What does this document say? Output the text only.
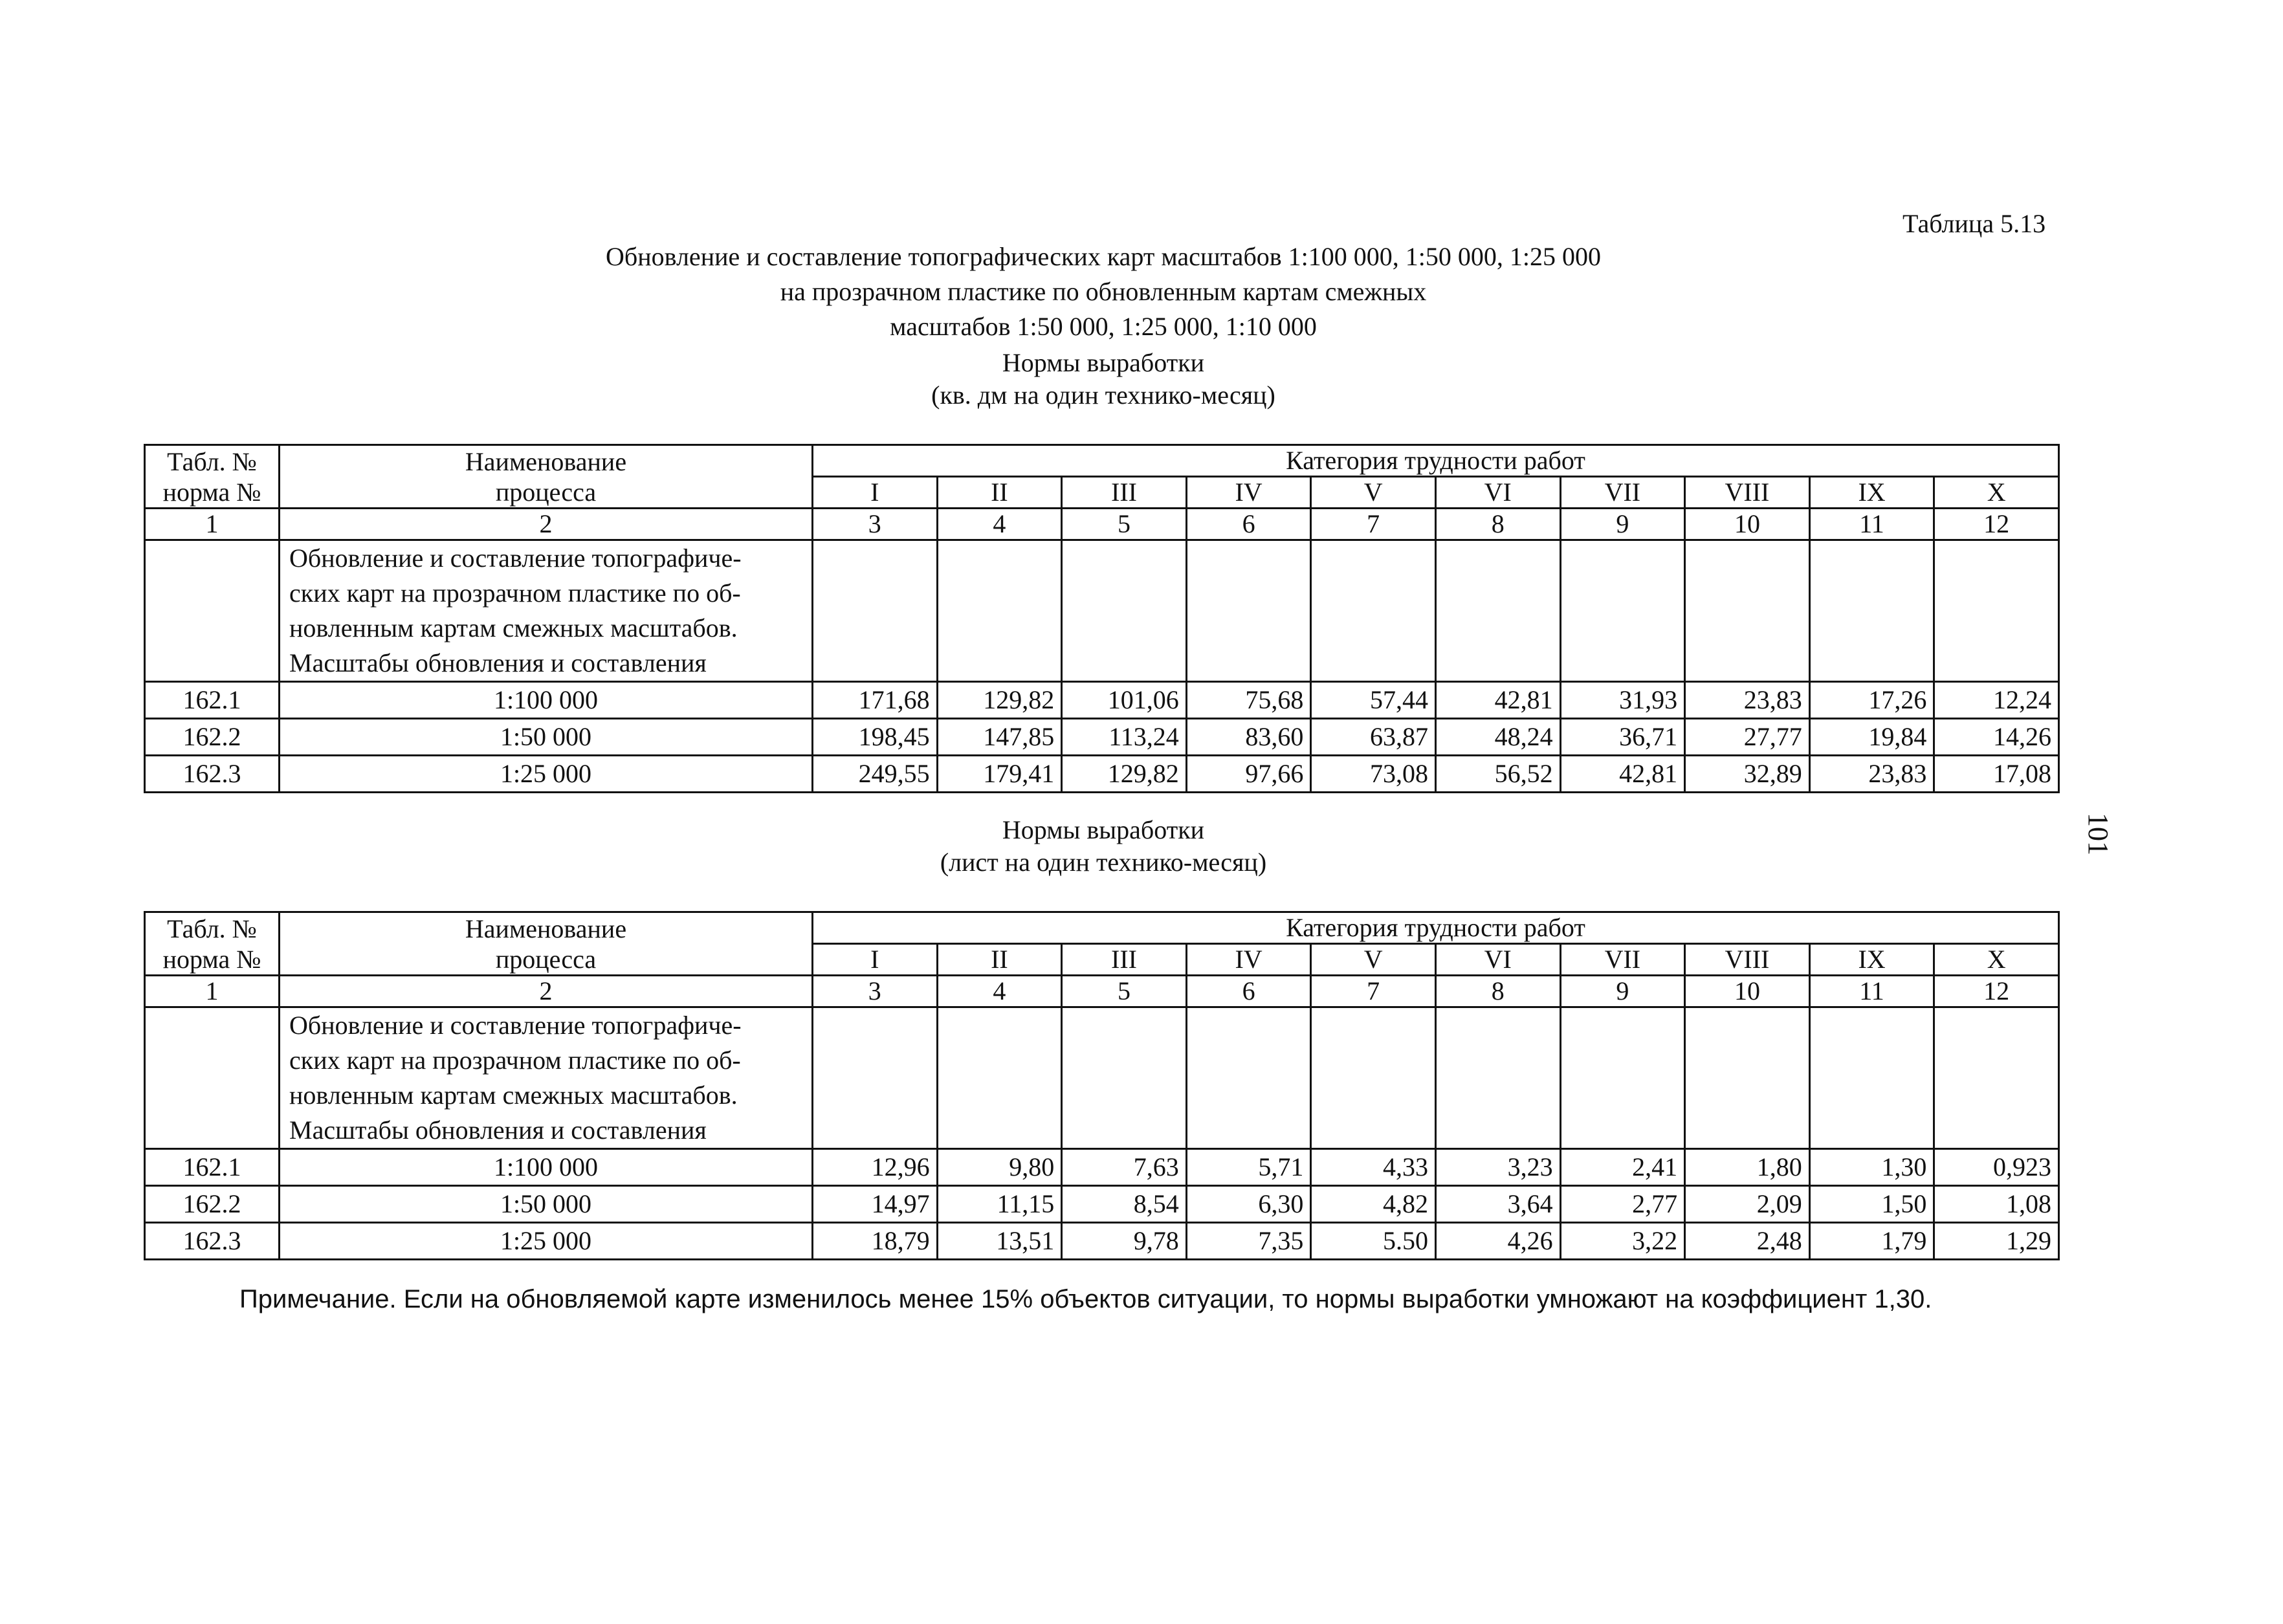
Таблица 5.13
Обновление и составление топографических карт масштабов 1:100 000, 1:50 000, 1:25 000
на прозрачном пластике по обновленным картам смежных
масштабов 1:50 000, 1:25 000, 1:10 000
Нормы выработки
(кв. дм на один технико-месяц)
Табл. №	Наименование	Категория трудности работ									
норма №	процесса	I	II	III	IV	V	VI	VII	VIII	IX	X
1	2	3	4	5	6	7	8	9	10	11	12
	Обновление и составление топографиче-
ских карт на прозрачном пластике по об-
новленным картам смежных масштабов.
Масштабы обновления и составления										
162.1	1:100 000	171,68	129,82	101,06	75,68	57,44	42,81	31,93	23,83	17,26	12,24
162.2	1:50 000	198,45	147,85	113,24	83,60	63,87	48,24	36,71	27,77	19,84	14,26
162.3	1:25 000	249,55	179,41	129,82	97,66	73,08	56,52	42,81	32,89	23,83	17,08
Нормы выработки
(лист на один технико-месяц)
Табл. №	Наименование	Категория трудности работ									
норма №	процесса	I	II	III	IV	V	VI	VII	VIII	IX	X
1	2	3	4	5	6	7	8	9	10	11	12
	Обновление и составление топографиче-
ских карт на прозрачном пластике по об-
новленным картам смежных масштабов.
Масштабы обновления и составления										
162.1	1:100 000	12,96	9,80	7,63	5,71	4,33	3,23	2,41	1,80	1,30	0,923
162.2	1:50 000	14,97	11,15	8,54	6,30	4,82	3,64	2,77	2,09	1,50	1,08
162.3	1:25 000	18,79	13,51	9,78	7,35	5.50	4,26	3,22	2,48	1,79	1,29
Примечание. Если на обновляемой карте изменилось менее 15% объектов ситуации, то нормы выработки умножают на коэффициент 1,30.
101
